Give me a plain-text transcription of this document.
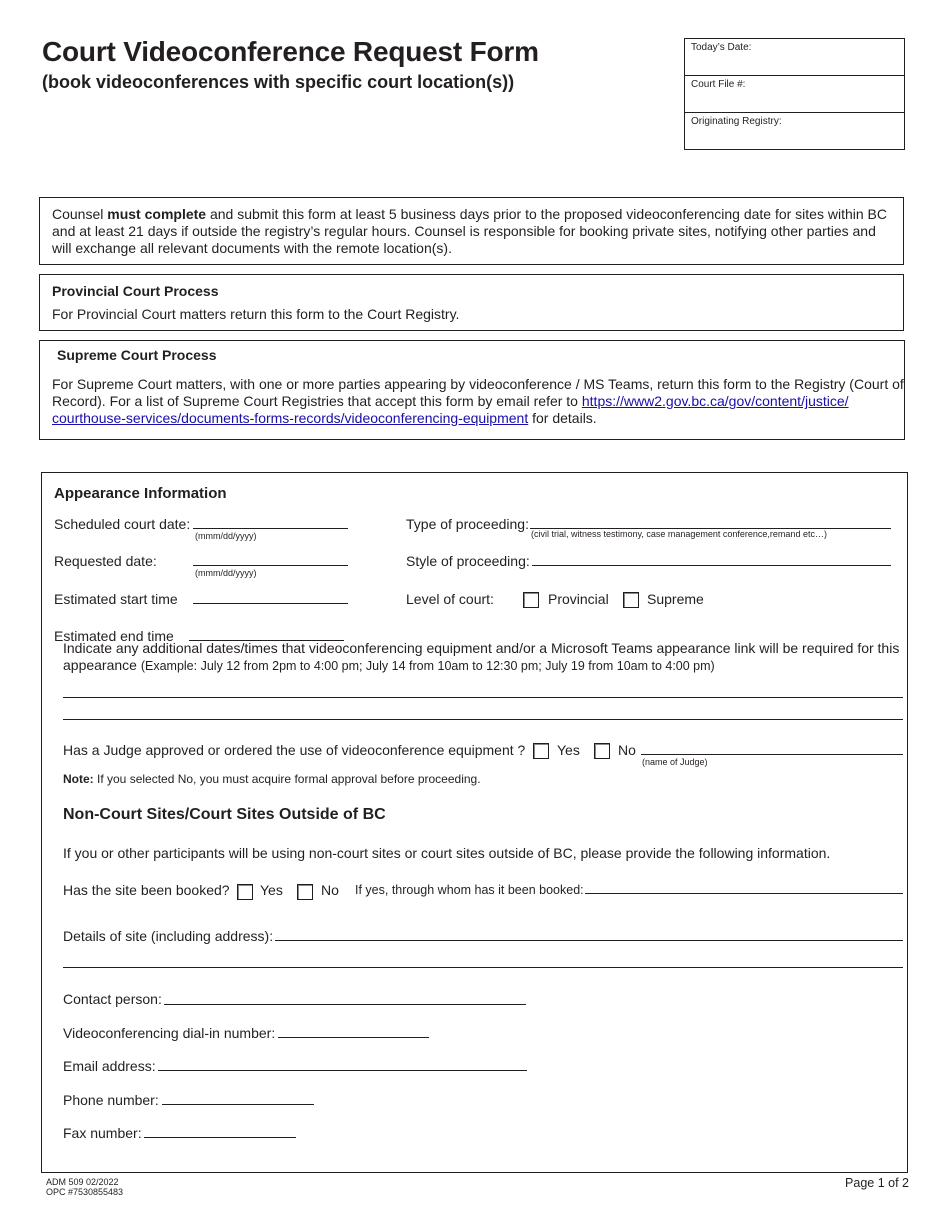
Court Videoconference Request Form
(book videoconferences with specific court location(s))
Today’s Date:
Court File #:
Originating Registry:
Counsel must complete and submit this form at least 5 business days prior to the proposed videoconferencing date for sites within BC and at least 21 days if outside the registry’s regular hours. Counsel is responsible for booking private sites, notifying other parties and will exchange all relevant documents with the remote location(s).
Provincial Court Process
For Provincial Court matters return this form to the Court Registry.
Supreme Court Process
For Supreme Court matters, with one or more parties appearing by videoconference / MS Teams, return this form to the Registry (Court of Record). For a list of Supreme Court Registries that accept this form by email refer to https://www2.gov.bc.ca/gov/content/justice/
courthouse-services/documents-forms-records/videoconferencing-equipment for details.
Appearance Information
Scheduled court date:
(mmm/dd/yyyy)
Requested date:
(mmm/dd/yyyy)
Estimated start time
Estimated end time
Type of proceeding:
(civil trial, witness testimony, case management conference,remand etc…)
Style of proceeding:
Level of court:	Provincial	Supreme
Indicate any additional dates/times that videoconferencing equipment and/or a Microsoft Teams appearance link will be required for this appearance (Example: July 12 from 2pm to 4:00 pm; July 14 from 10am to 12:30 pm; July 19 from 10am to 4:00 pm)
Has a Judge approved or ordered the use of videoconference equipment ? Yes	No
(name of Judge)
Note: If you selected No, you must acquire formal approval before proceeding.
Non-Court Sites/Court Sites Outside of BC
If you or other participants will be using non-court sites or court sites outside of BC, please provide the following information.
Has the site been booked? Yes	No If yes, through whom has it been booked:
Details of site (including address):
Contact person:
Videoconferencing dial-in number:
Email address:
Phone number:
Fax number:
ADM 509 02/2022
OPC #7530855483
Page 1 of 2
